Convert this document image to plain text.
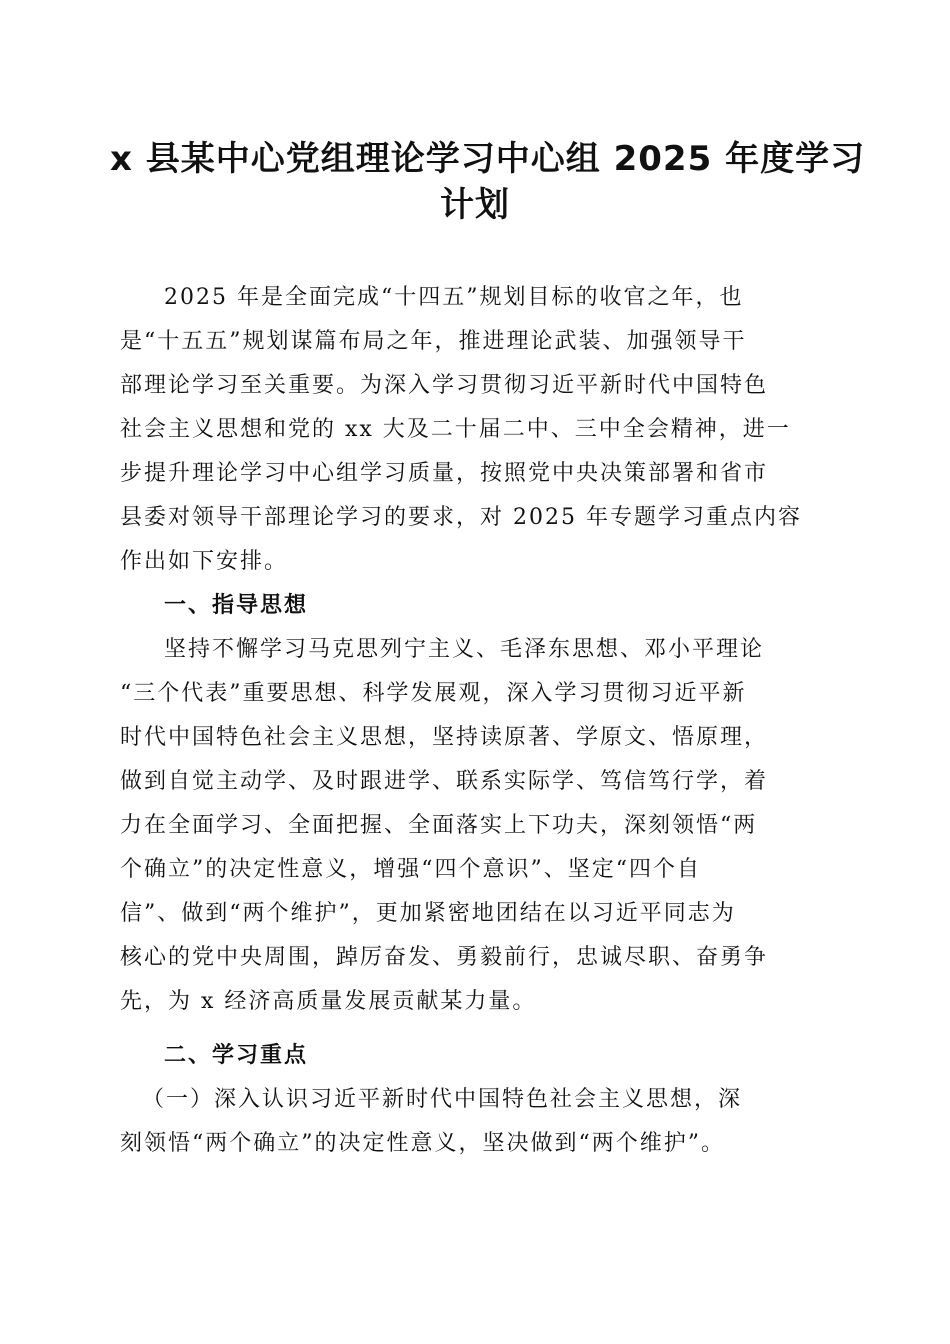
x 县某中心党组理论学习中心组 2025 年度学习
计划

2025 年是全面完成“十四五”规划目标的收官之年，也

是“十五五”规划谋篇布局之年，推进理论武装、加强领导干
部理论学习至关重要。为深入学习贯彻习近平新时代中国特色
社会主义思想和党的 xx 大及二十届二中、三中全会精神，进一
步提升理论学习中心组学习质量，按照党中央决策部署和省市
县委对领导干部理论学习的要求，对 2025 年专题学习重点内容
作出如下安排。

一、指导思想

坚持不懈学习马克思列宁主义、毛泽东思想、邓小平理论

“三个代表”重要思想、科学发展观，深入学习贯彻习近平新
时代中国特色社会主义思想，坚持读原著、学原文、悟原理，
做到自觉主动学、及时跟进学、联系实际学、笃信笃行学，着
力在全面学习、全面把握、全面落实上下功夫，深刻领悟“两
个确立”的决定性意义，增强“四个意识”、坚定“四个自
信”、做到“两个维护”，更加紧密地团结在以习近平同志为
核心的党中央周围，踔厉奋发、勇毅前行，忠诚尽职、奋勇争
先，为 x 经济高质量发展贡献某力量。

二、学习重点

（一）深入认识习近平新时代中国特色社会主义思想，深

刻领悟“两个确立”的决定性意义，坚决做到“两个维护”。
